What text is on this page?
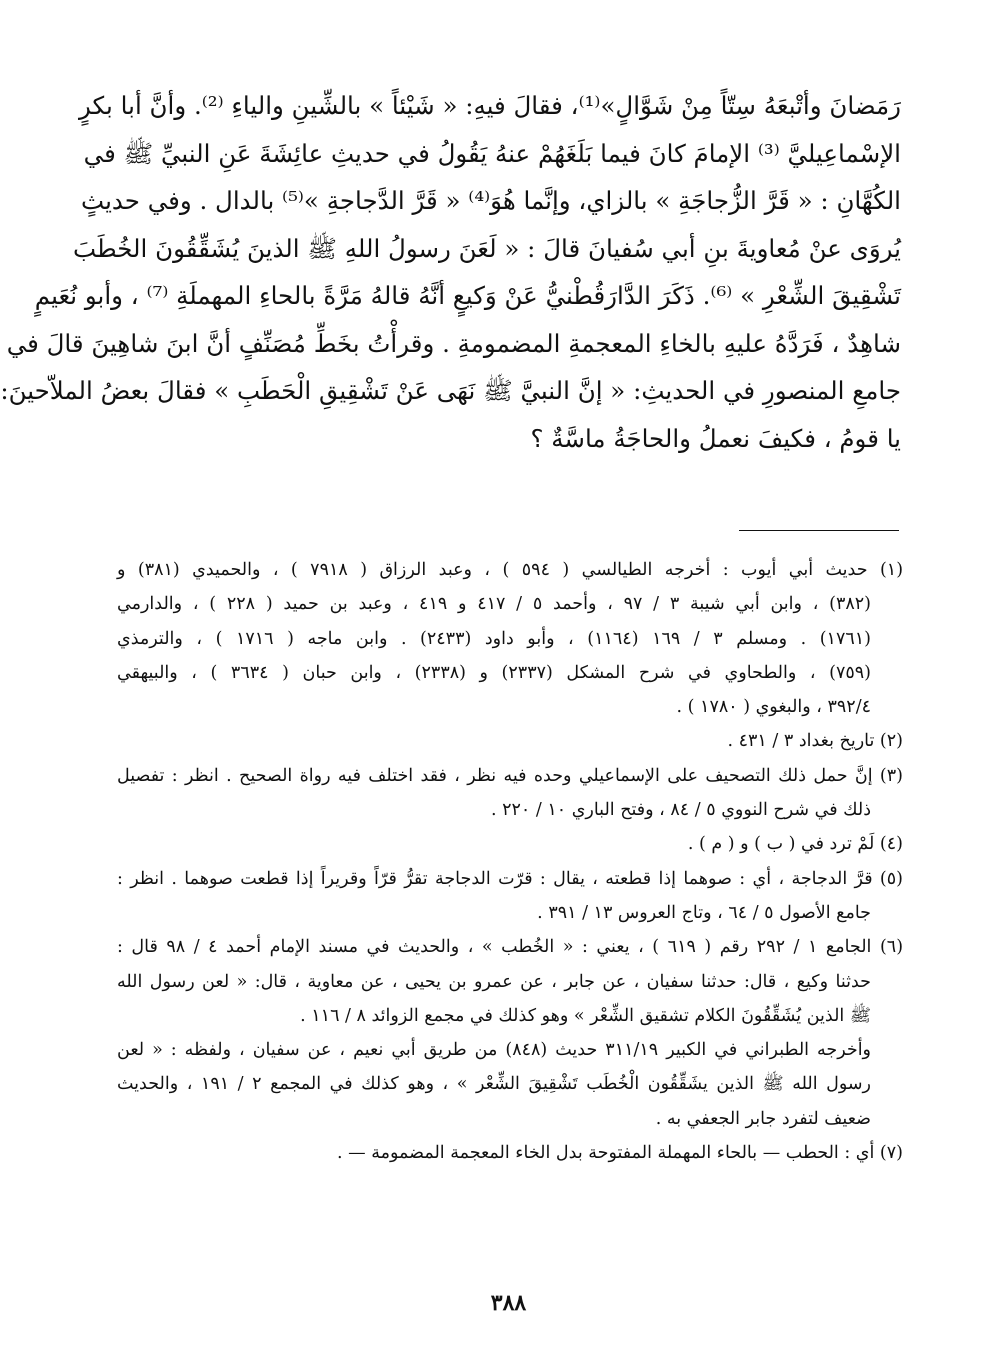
رَمَضانَ وأتْبعَهُ سِتّاً مِنْ شَوَّالٍ»⁽¹⁾، فقالَ فيهِ: « شَيْئاً » بالشِّينِ والياءِ ⁽²⁾. وأنَّ أبا بكرٍ
الإسْماعِيليَّ ⁽³⁾ الإمامَ كانَ فيما بَلَغَهُمْ عنهُ يَقُولُ في حديثِ عائِشَةَ عَنِ النبيِّ ﷺ في
الكُهَّانِ : « قَرَّ الزُّجاجَةِ » بالزاي، وإنَّما هُوَ⁽⁴⁾ « قَرَّ الدَّجاجةِ »⁽⁵⁾ بالدال . وفي حديثٍ
يُروَى عنْ مُعاويةَ بنِ أبي سُفيانَ قالَ : « لَعَنَ رسولُ اللهِ ﷺ الذينَ يُشَقِّقُونَ الخُطَبَ
تَشْقِيقَ الشِّعْرِ » ⁽⁶⁾. ذَكَرَ الدَّارَقُطْنيُّ عَنْ وَكيعٍ أنَّهُ قالهُ مَرَّةً بالحاءِ المهملَةِ ⁽⁷⁾ ، وأبو نُعَيمٍ
شاهِدٌ ، فَرَدَّهُ عليهِ بالخاءِ المعجمةِ المضمومةِ . وقرأْتُ بخَطِّ مُصَنِّفٍ أنَّ ابنَ شاهِينَ قالَ في
جامعِ المنصورِ في الحديثِ: « إنَّ النبيَّ ﷺ نَهَى عَنْ تَشْقِيقِ الْحَطَبِ » فقالَ بعضُ الملاّحينَ:
يا قومُ ، فكيفَ نعملُ والحاجَةُ ماسَّةٌ ؟
(١) حديث أبي أيوب : أخرجه الطيالسي ( ٥٩٤ ) ، وعبد الرزاق ( ٧٩١٨ ) ، والحميدي (٣٨١) و
(٣٨٢) ، وابن أبي شيبة ٣ / ٩٧ ، وأحمد ٥ / ٤١٧ و ٤١٩ ، وعبد بن حميد ( ٢٢٨ ) ، والدارمي
(١٧٦١) . ومسلم ٣ / ١٦٩ (١١٦٤) ، وأبو داود (٢٤٣٣) . وابن ماجه ( ١٧١٦ ) ، والترمذي
(٧٥٩) ، والطحاوي في شرح المشكل (٢٣٣٧) و (٢٣٣٨) ، وابن حبان ( ٣٦٣٤ ) ، والبيهقي
٣٩٢/٤ ، والبغوي ( ١٧٨٠ ) .
(٢) تاريخ بغداد ٣ / ٤٣١ .
(٣) إنَّ حمل ذلك التصحيف على الإسماعيلي وحده فيه نظر ، فقد اختلف فيه رواة الصحيح . انظر : تفصيل
ذلك في شرح النووي ٥ / ٨٤ ، وفتح الباري ١٠ / ٢٢٠ .
(٤) لَمْ ترد في ( ب ) و ( م ) .
(٥) قرَّ الدجاجة ، أي : صوهما إذا قطعته ، يقال : قرّت الدجاجة تقرُّ قرّاً وقريراً إذا قطعت صوهما . انظر :
جامع الأصول ٥ / ٦٤ ، وتاج العروس ١٣ / ٣٩١ .
(٦) الجامع ١ / ٢٩٢ رقم ( ٦١٩ ) ، يعني : « الخُطب » ، والحديث في مسند الإمام أحمد ٤ / ٩٨ قال :
حدثنا وكيع ، قال: حدثنا سفيان ، عن جابر ، عن عمرو بن يحيى ، عن معاوية ، قال: « لعن رسول الله
ﷺ الذين يُشَقِّقُونَ الكلام تشقيق الشِّعْر » وهو كذلك في مجمع الزوائد ٨ / ١١٦ .
وأخرجه الطبراني في الكبير ٣١١/١٩ حديث (٨٤٨) من طريق أبي نعيم ، عن سفيان ، ولفظه : « لعن
رسول الله ﷺ الذين يشَقِّقُون الْخُطَب تَشْقِيقَ الشِّعْر » ، وهو كذلك في المجمع ٢ / ١٩١ ، والحديث
ضعيف لتفرد جابر الجعفي به .
(٧) أي : الحطب — بالحاء المهملة المفتوحة بدل الخاء المعجمة المضمومة — .
٣٨٨
